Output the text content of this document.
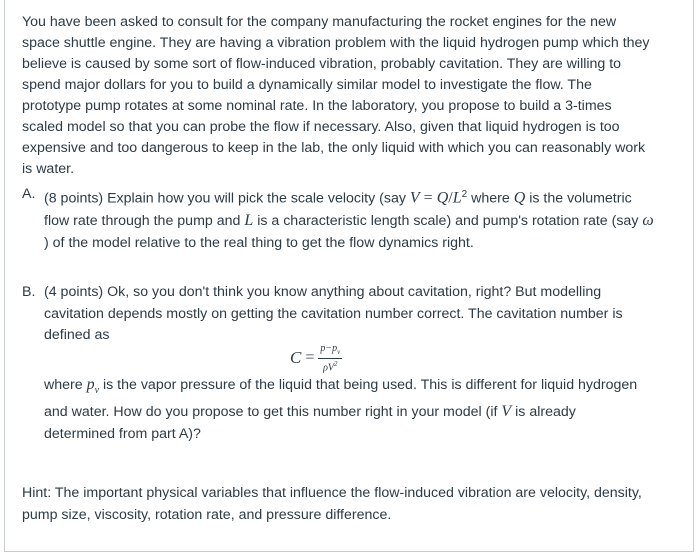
You have been asked to consult for the company manufacturing the rocket engines for the new
space shuttle engine. They are having a vibration problem with the liquid hydrogen pump which they
believe is caused by some sort of flow-induced vibration, probably cavitation. They are willing to
spend major dollars for you to build a dynamically similar model to investigate the flow. The
prototype pump rotates at some nominal rate. In the laboratory, you propose to build a 3-times
scaled model so that you can probe the flow if necessary. Also, given that liquid hydrogen is too
expensive and too dangerous to keep in the lab, the only liquid with which you can reasonably work
is water.
A. (8 points) Explain how you will pick the scale velocity (say $V = Q/L^2$ where Q is the volumetric
flow rate through the pump and L is a characteristic length scale) and pump's rotation rate (say ω
) of the model relative to the real thing to get the flow dynamics right.
B. (4 points) Ok, so you don't think you know anything about cavitation, right? But modelling
cavitation depends mostly on getting the cavitation number correct. The cavitation number is
defined as
$C = \frac{p-p_v}{\rho V^2}$
where $p_v$ is the vapor pressure of the liquid that being used. This is different for liquid hydrogen
and water. How do you propose to get this number right in your model (if V is already
determined from part A)?
Hint: The important physical variables that influence the flow-induced vibration are velocity, density,
pump size, viscosity, rotation rate, and pressure difference.
